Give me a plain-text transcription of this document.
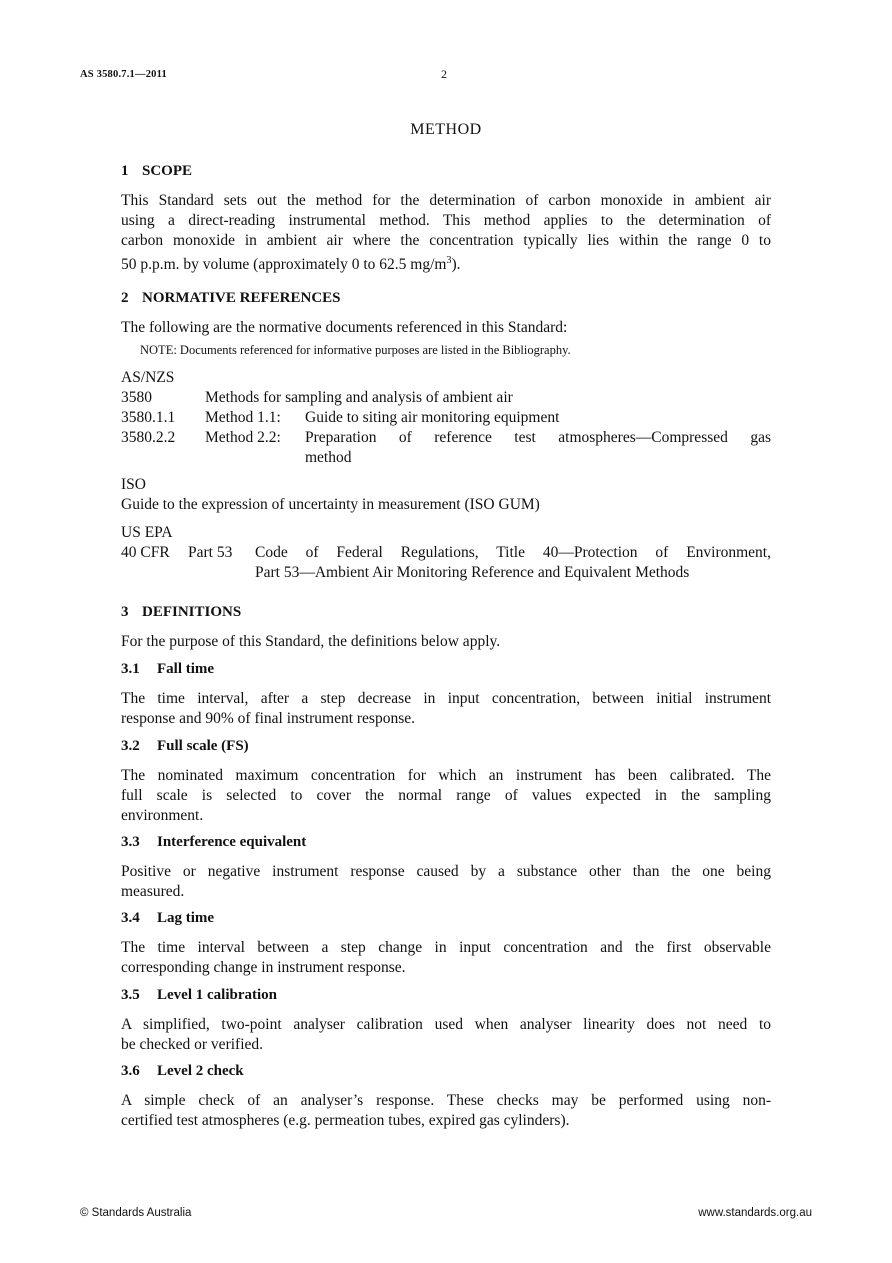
AS 3580.7.1—2011	2
METHOD
1 SCOPE
This Standard sets out the method for the determination of carbon monoxide in ambient air
using a direct-reading instrumental method. This method applies to the determination of
carbon monoxide in ambient air where the concentration typically lies within the range 0 to
50 p.p.m. by volume (approximately 0 to 62.5 $mg/m^3$).
2 NORMATIVE REFERENCES
The following are the normative documents referenced in this Standard:
NOTE: Documents referenced for informative purposes are listed in the Bibliography.
AS/NZS
3580	Methods for sampling and analysis of ambient air
3580.1.1 Method 1.1: Guide to siting air monitoring equipment
3580.2.2 Method 2.2: Preparation of reference test atmospheres—Compressed gas
method
ISO
Guide to the expression of uncertainty in measurement (ISO GUM)
US EPA
40 CFR Part 53 Code of Federal Regulations, Title 40—Protection of Environment,
Part 53—Ambient Air Monitoring Reference and Equivalent Methods
3 DEFINITIONS
For the purpose of this Standard, the definitions below apply.
3.1 Fall time
The time interval, after a step decrease in input concentration, between initial instrument
response and 90% of final instrument response.
3.2 Full scale (FS)
The nominated maximum concentration for which an instrument has been calibrated. The
full scale is selected to cover the normal range of values expected in the sampling
environment.
3.3 Interference equivalent
Positive or negative instrument response caused by a substance other than the one being
measured.
3.4 Lag time
The time interval between a step change in input concentration and the first observable
corresponding change in instrument response.
3.5 Level 1 calibration
A simplified, two-point analyser calibration used when analyser linearity does not need to
be checked or verified.
3.6 Level 2 check
A simple check of an analyser’s response. These checks may be performed using non-
certified test atmospheres (e.g. permeation tubes, expired gas cylinders).
© Standards Australia	www.standards.org.au
